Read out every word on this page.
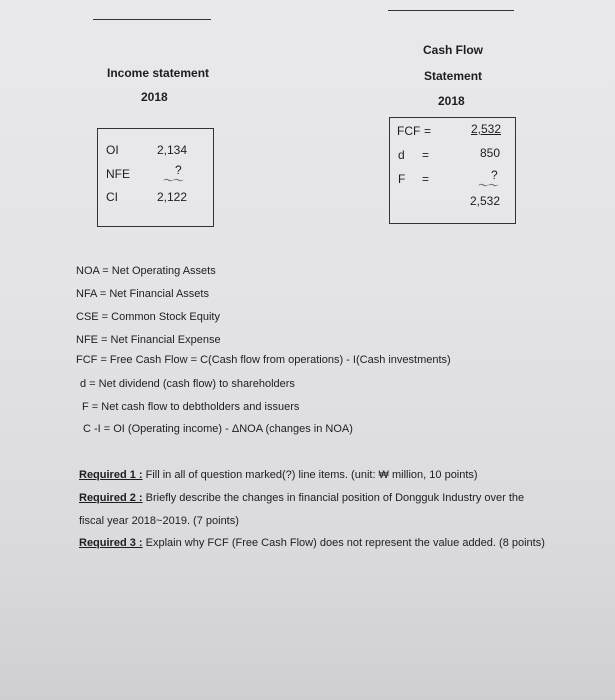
Income statement
2018
Cash Flow
Statement
2018
OI	2,134
NFE	?
～～
CI	2,122
FCF =	2,532
d =	850
F =	?
～～
2,532
NOA = Net Operating Assets
NFA = Net Financial Assets
CSE = Common Stock Equity
NFE = Net Financial Expense
FCF = Free Cash Flow = C(Cash flow from operations) - I(Cash investments)
d = Net dividend (cash flow) to shareholders
F = Net cash flow to debtholders and issuers
C -I = OI (Operating income) - ΔNOA (changes in NOA)
Required 1 : Fill in all of question marked(?) line items. (unit: ₩ million, 10 points)
Required 2 : Briefly describe the changes in financial position of Dongguk Industry over the
fiscal year 2018~2019. (7 points)
Required 3 : Explain why FCF (Free Cash Flow) does not represent the value added. (8 points)
